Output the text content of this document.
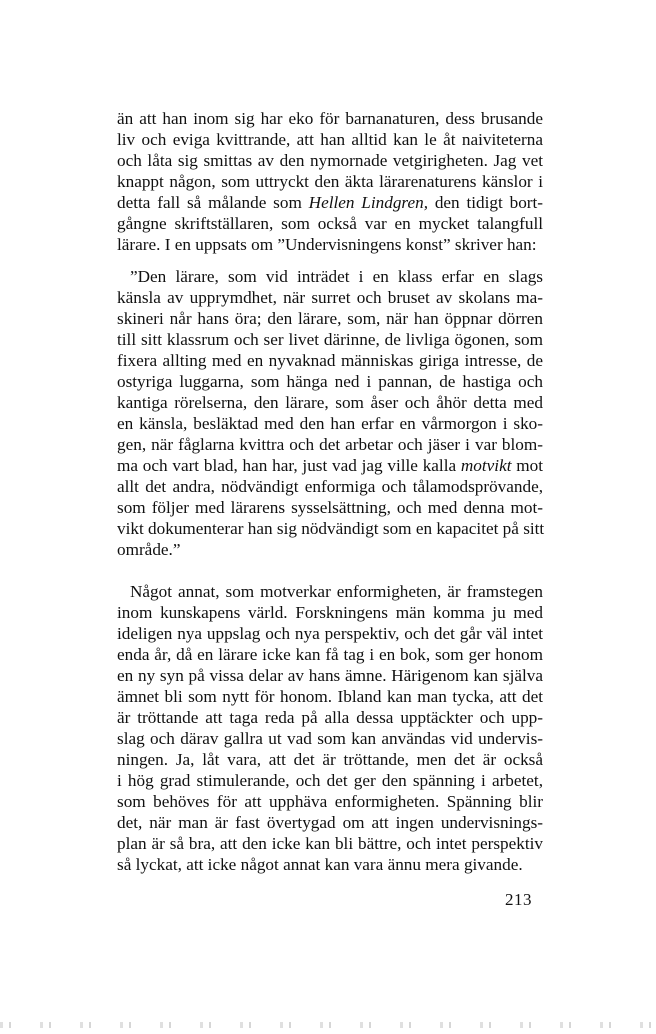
än att han inom sig har eko för barnanaturen, dess brusande
liv och eviga kvittrande, att han alltid kan le åt naiviteterna
och låta sig smittas av den nymornade vetgirigheten. Jag vet
knappt någon, som uttryckt den äkta lärarenaturens känslor i
detta fall så målande som Hellen Lindgren, den tidigt bort-
gångne skriftställaren, som också var en mycket talangfull
lärare. I en uppsats om ”Undervisningens konst” skriver han:
”Den lärare, som vid inträdet i en klass erfar en slags
känsla av upprymdhet, när surret och bruset av skolans ma-
skineri når hans öra; den lärare, som, när han öppnar dörren
till sitt klassrum och ser livet därinne, de livliga ögonen, som
fixera allting med en nyvaknad människas giriga intresse, de
ostyriga luggarna, som hänga ned i pannan, de hastiga och
kantiga rörelserna, den lärare, som åser och åhör detta med
en känsla, besläktad med den han erfar en vårmorgon i sko-
gen, när fåglarna kvittra och det arbetar och jäser i var blom-
ma och vart blad, han har, just vad jag ville kalla motvikt mot
allt det andra, nödvändigt enformiga och tålamodsprövande,
som följer med lärarens sysselsättning, och med denna mot-
vikt dokumenterar han sig nödvändigt som en kapacitet på sitt
område.”
Något annat, som motverkar enformigheten, är framstegen
inom kunskapens värld. Forskningens män komma ju med
ideligen nya uppslag och nya perspektiv, och det går väl intet
enda år, då en lärare icke kan få tag i en bok, som ger honom
en ny syn på vissa delar av hans ämne. Härigenom kan själva
ämnet bli som nytt för honom. Ibland kan man tycka, att det
är tröttande att taga reda på alla dessa upptäckter och upp-
slag och därav gallra ut vad som kan användas vid undervis-
ningen. Ja, låt vara, att det är tröttande, men det är också
i hög grad stimulerande, och det ger den spänning i arbetet,
som behöves för att upphäva enformigheten. Spänning blir
det, när man är fast övertygad om att ingen undervisnings-
plan är så bra, att den icke kan bli bättre, och intet perspektiv
så lyckat, att icke något annat kan vara ännu mera givande.
213
